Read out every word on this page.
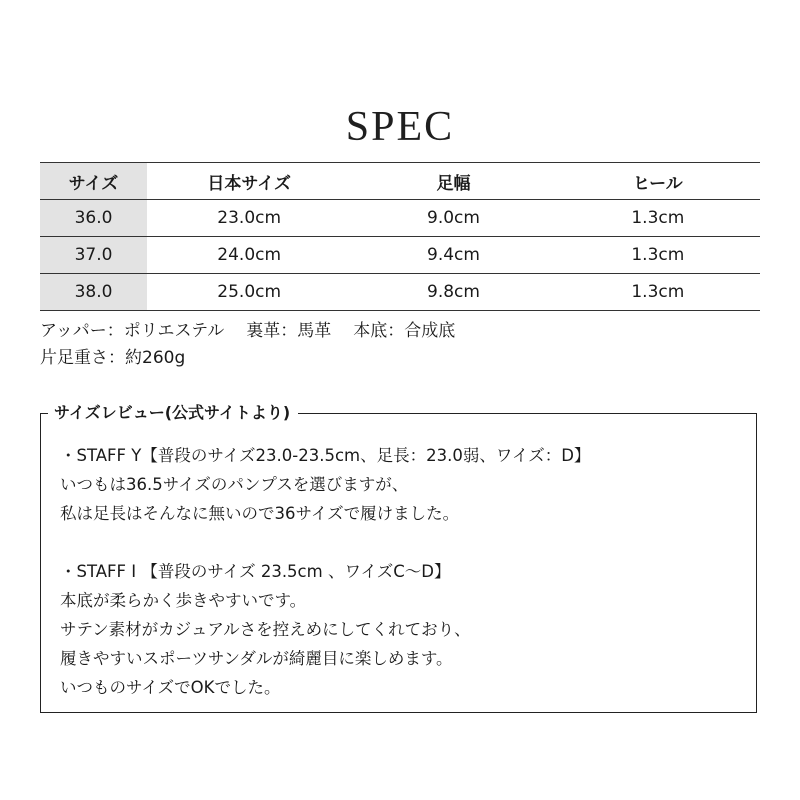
SPEC
サイズ	日本サイズ	足幅	ヒール
36.0	23.0cm	9.0cm	1.3cm
37.0	24.0cm	9.4cm	1.3cm
38.0	25.0cm	9.8cm	1.3cm
アッパー：ポリエステル 裏革：馬革 本底：合成底
片足重さ：約260g
サイズレビュー(公式サイトより)
・STAFF Y【普段のサイズ23.0-23.5cm、足長：23.0弱、ワイズ：D】
いつもは36.5サイズのパンプスを選びますが、
私は足長はそんなに無いので36サイズで履けました。
・STAFF I 【普段のサイズ 23.5cm 、ワイズC～D】
本底が柔らかく歩きやすいです。
サテン素材がカジュアルさを控えめにしてくれており、
履きやすいスポーツサンダルが綺麗目に楽しめます。
いつものサイズでOKでした。
